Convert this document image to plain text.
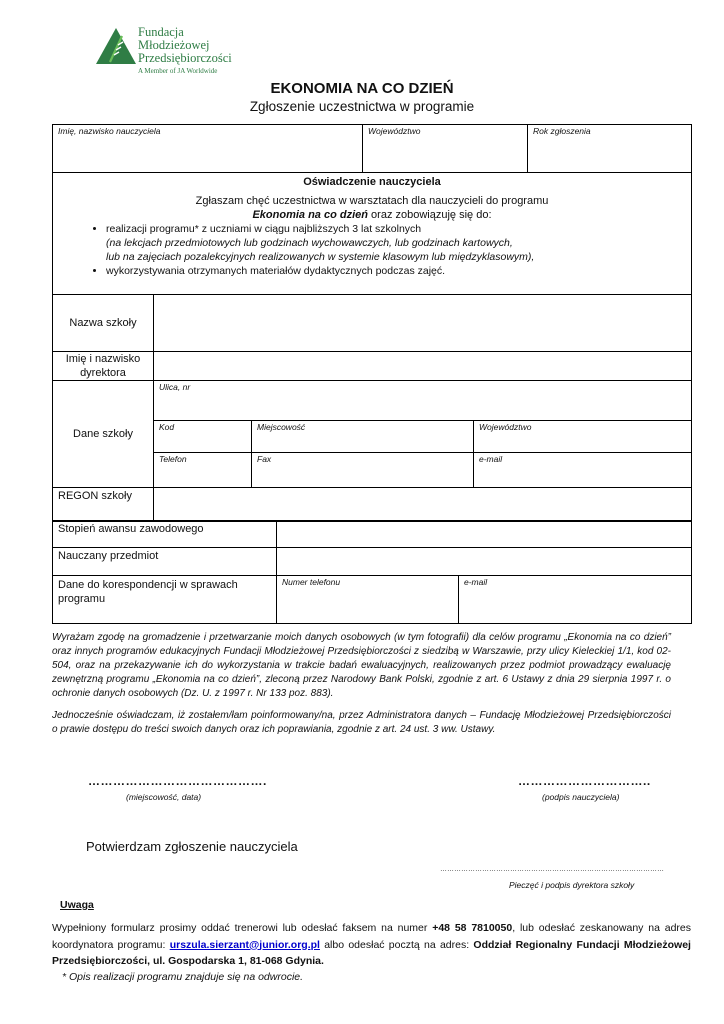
Fundacja
Młodzieżowej
Przedsiębiorczości
A Member of JA Worldwide
EKONOMIA NA CO DZIEŃ
Zgłoszenie uczestnictwa w programie
Imię, nazwisko nauczyciela	Województwo	Rok zgłoszenia

Oświadczenie nauczyciela
Zgłaszam chęć uczestnictwa w warsztatach dla nauczycieli do programu
Ekonomia na co dzień oraz zobowiązuję się do:
• realizacji programu* z uczniami w ciągu najbliższych 3 lat szkolnych
(na lekcjach przedmiotowych lub godzinach wychowawczych, lub godzinach kartowych,
lub na zajęciach pozalekcyjnych realizowanych w systemie klasowym lub międzyklasowym),
• wykorzystywania otrzymanych materiałów dydaktycznych podczas zajęć.
Nazwa szkoły			
Imię i nazwisko dyrektora			
Dane szkoły	Ulica, nr		
	Kod	Miejscowość	Województwo
	Telefon	Fax	e-mail
REGON szkoły			
Stopień awansu zawodowego		
Nauczany przedmiot		
Dane do korespondencji w sprawach programu	Numer telefonu	e-mail
Wyrażam zgodę na gromadzenie i przetwarzanie moich danych osobowych (w tym fotografii) dla celów programu „Ekonomia na co dzień” oraz innych programów edukacyjnych Fundacji Młodzieżowej Przedsiębiorczości z siedzibą w Warszawie, przy ulicy Kieleckiej 1/1, kod 02-504, oraz na przekazywanie ich do wykorzystania w trakcie badań ewaluacyjnych, realizowanych przez podmiot prowadzący ewaluację zewnętrzną programu „Ekonomia na co dzień”, zleconą przez Narodowy Bank Polski, zgodnie z art. 6 Ustawy z dnia 29 sierpnia 1997 r. o ochronie danych osobowych (Dz. U. z 1997 r. Nr 133 poz. 883).
Jednocześnie oświadczam, iż zostałem/łam poinformowany/na, przez Administratora danych – Fundację Młodzieżowej Przedsiębiorczości o prawie dostępu do treści swoich danych oraz ich poprawiania, zgodnie z art. 24 ust. 3 ww. Ustawy.
…………………………………….
(miejscowość, data)
…………………………..
(podpis nauczyciela)
Potwierdzam zgłoszenie nauczyciela
……………………………………………………………………………………
Pieczęć i podpis dyrektora szkoły
Uwaga
Wypełniony formularz prosimy oddać trenerowi lub odesłać faksem na numer +48 58 7810050, lub odesłać zeskanowany na adres koordynatora programu: urszula.sierzant@junior.org.pl albo odesłać pocztą na adres: Oddział Regionalny Fundacji Młodzieżowej Przedsiębiorczości, ul. Gospodarska 1, 81-068 Gdynia.
* Opis realizacji programu znajduje się na odwrocie.
